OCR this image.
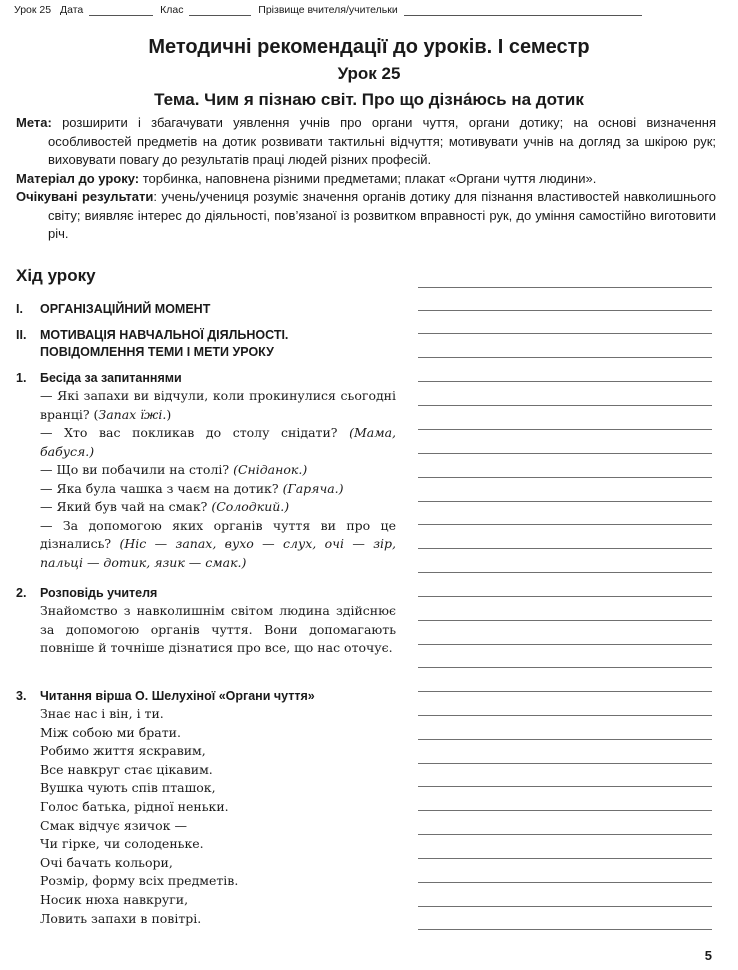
Урок 25 Дата	Клас	Прізвище вчителя/учительки
Методичні рекомендації до уроків. I семестр
Урок 25
Тема. Чим я пізнаю світ. Про що дізна́юсь на дотик

Мета: розширити і збагачувати уявлення учнів про органи чуття, органи дотику; на основі визначення особливостей предметів на дотик розвивати тактильні відчуття; мотивувати учнів на догляд за шкірою рук; виховувати повагу до результатів праці людей різних професій.

Матеріал до уроку: торбинка, наповнена різними предметами; плакат «Органи чуття людини».

Очікувані результати: учень/учениця розуміє значення органів дотику для пізнання властивостей навколишнього світу; виявляє інтерес до діяльності, пов’язаної із розвитком вправності рук, до уміння самостійно виготовити річ.

Хід уроку
I. ОРГАНІЗАЦІЙНИЙ МОМЕНТ
II. МОТИВАЦІЯ НАВЧАЛЬНОЇ ДІЯЛЬНОСТІ.
ПОВІДОМЛЕННЯ ТЕМИ І МЕТИ УРОКУ
1. Бесіда за запитаннями
— Які запахи ви відчули, коли прокинулися сьогодні вранці? (Запах їжі.)
— Хто вас покликав до столу снідати? (Мама, бабуся.)
— Що ви побачили на столі? (Сніданок.)
— Яка була чашка з чаєм на дотик? (Гаряча.)
— Який був чай на смак? (Солодкий.)
— За допомогою яких органів чуття ви про це дізнались? (Ніс — запах, вухо — слух, очі — зір, пальці — дотик, язик — смак.)
2. Розповідь учителя
Знайомство з навколишнім світом людина здійснює за допомогою органів чуття. Вони допомагають повніше й точніше дізнатися про все, що нас оточує.
3. Читання вірша О. Шелухіної «Органи чуття»
Знає нас і він, і ти.
Між собою ми брати.
Робимо життя яскравим,
Все навкруг стає цікавим.
Вушка чують спів пташок,
Голос батька, рідної неньки.
Смак відчує язичок —
Чи гірке, чи солоденьке.
Очі бачать кольори,
Розмір, форму всіх предметів.
Носик нюха навкруги,
Ловить запахи в повітрі.
5
